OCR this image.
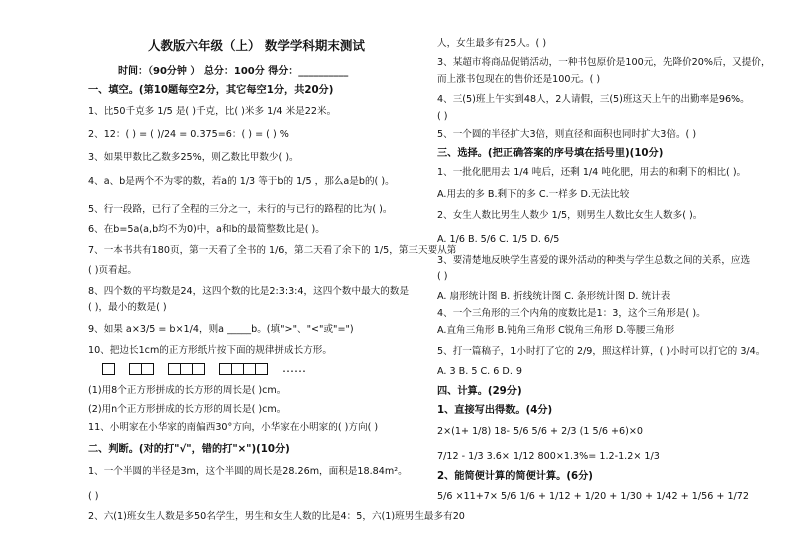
人教版六年级（上） 数学学科期末测试
时间：（90分钟 ） 总分：100分 得分：__________
一、填空。(第10题每空2分，其它每空1分，共20分)
1、比50千克多 1/5 是( )千克，比( )米多 1/4 米是22米。
2、12：( ) = ( )/24 = 0.375=6：( ) = ( ) %
3、如果甲数比乙数多25%，则乙数比甲数少( )。
4、a、b是两个不为零的数，若a的 1/3 等于b的 1/5 ，那么a是b的( )。
5、行一段路，已行了全程的三分之一，未行的与已行的路程的比为( )。
6、在b=5a(a,b均不为0)中，a和b的最简整数比是( )。
7、一本书共有180页，第一天看了全书的 1/6，第二天看了余下的 1/5，第三天要从第
( )页看起。
8、四个数的平均数是24，这四个数的比是2:3:3:4，这四个数中最大的数是
( )，最小的数是( )
9、如果 a×3/5 = b×1/4，则a _____b。(填">"、"<"或"=")
10、把边长1cm的正方形纸片按下面的规律拼成长方形。
……
(1)用8个正方形拼成的长方形的周长是( )cm。
(2)用n个正方形拼成的长方形的周长是( )cm。
11、小明家在小华家的南偏西30°方向，小华家在小明家的( )方向( )
二、判断。(对的打"√"，错的打"×")(10分)
1、一个半圆的半径是3m，这个半圆的周长是28.26m，面积是18.84m²。
( )
2、六(1)班女生人数是多50名学生，男生和女生人数的比是4：5，六(1)班男生最多有20
人，女生最多有25人。( )
3、某超市将商品促销活动，一种书包原价是100元，先降价20%后，又提价，
而上涨书包现在的售价还是100元。( )
4、三(5)班上午实到48人，2人请假，三(5)班这天上午的出勤率是96%。
( )
5、一个圆的半径扩大3倍，则直径和面积也同时扩大3倍。( )
三、选择。(把正确答案的序号填在括号里)(10分)
1、一批化肥用去 1/4 吨后，还剩 1/4 吨化肥，用去的和剩下的相比( )。
A.用去的多 B.剩下的多 C.一样多 D.无法比较
2、女生人数比男生人数少 1/5，则男生人数比女生人数多( )。
A. 1/6 B. 5/6 C. 1/5 D. 6/5
3、要清楚地反映学生喜爱的课外活动的种类与学生总数之间的关系，应选
( )
A. 扇形统计图 B. 折线统计图 C. 条形统计图 D. 统计表
4、一个三角形的三个内角的度数比是1：3，这个三角形是( )。
A.直角三角形 B.钝角三角形 C锐角三角形 D.等腰三角形
5、打一篇稿子，1小时打了它的 2/9，照这样计算，( )小时可以打它的 3/4。
A. 3 B. 5 C. 6 D. 9
四、计算。(29分)
1、直接写出得数。(4分)
2×(1+ 1/8) 18- 5/6 5/6 + 2/3 (1 5/6 +6)×0
7/12 - 1/3 3.6× 1/12 800×1.3%= 1.2-1.2× 1/3
2、能简便计算的简便计算。(6分)
5/6 ×11+7× 5/6 1/6 + 1/12 + 1/20 + 1/30 + 1/42 + 1/56 + 1/72
